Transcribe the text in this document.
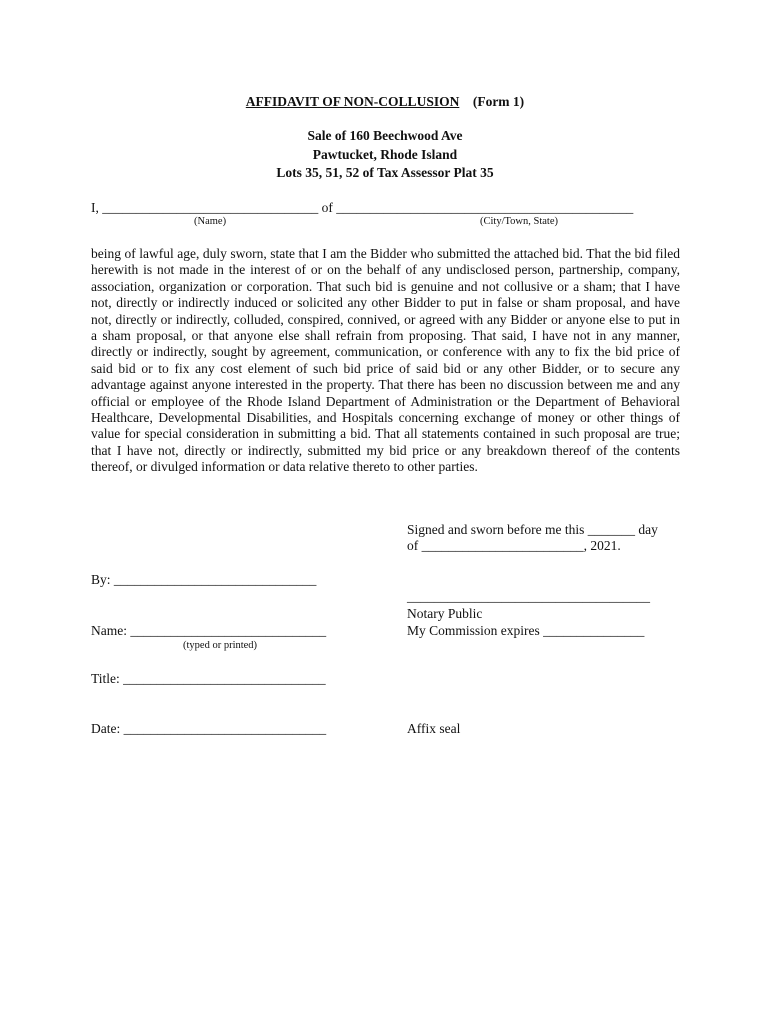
AFFIDAVIT OF NON-COLLUSION (Form 1)
Sale of 160 Beechwood Ave
Pawtucket, Rhode Island
Lots 35, 51, 52 of Tax Assessor Plat 35
I, ________________________________ of ____________________________________________
(Name)	(City/Town, State)
being of lawful age, duly sworn, state that I am the Bidder who submitted the attached bid. That the bid filed herewith is not made in the interest of or on the behalf of any undisclosed person, partnership, company, association, organization or corporation. That such bid is genuine and not collusive or a sham; that I have not, directly or indirectly induced or solicited any other Bidder to put in false or sham proposal, and have not, directly or indirectly, colluded, conspired, connived, or agreed with any Bidder or anyone else to put in a sham proposal, or that anyone else shall refrain from proposing. That said, I have not in any manner, directly or indirectly, sought by agreement, communication, or conference with any to fix the bid price of said bid or to fix any cost element of such bid price of said bid or any other Bidder, or to secure any advantage against anyone interested in the property. That there has been no discussion between me and any official or employee of the Rhode Island Department of Administration or the Department of Behavioral Healthcare, Developmental Disabilities, and Hospitals concerning exchange of money or other things of value for special consideration in submitting a bid. That all statements contained in such proposal are true; that I have not, directly or indirectly, submitted my bid price or any breakdown thereof of the contents thereof, or divulged information or data relative thereto to other parties.
Signed and sworn before me this _______ day
of ________________________, 2021.
By: ______________________________
____________________________________
Notary Public
My Commission expires _______________
Name: _____________________________
(typed or printed)
Title: ______________________________
Date: ______________________________	Affix seal
